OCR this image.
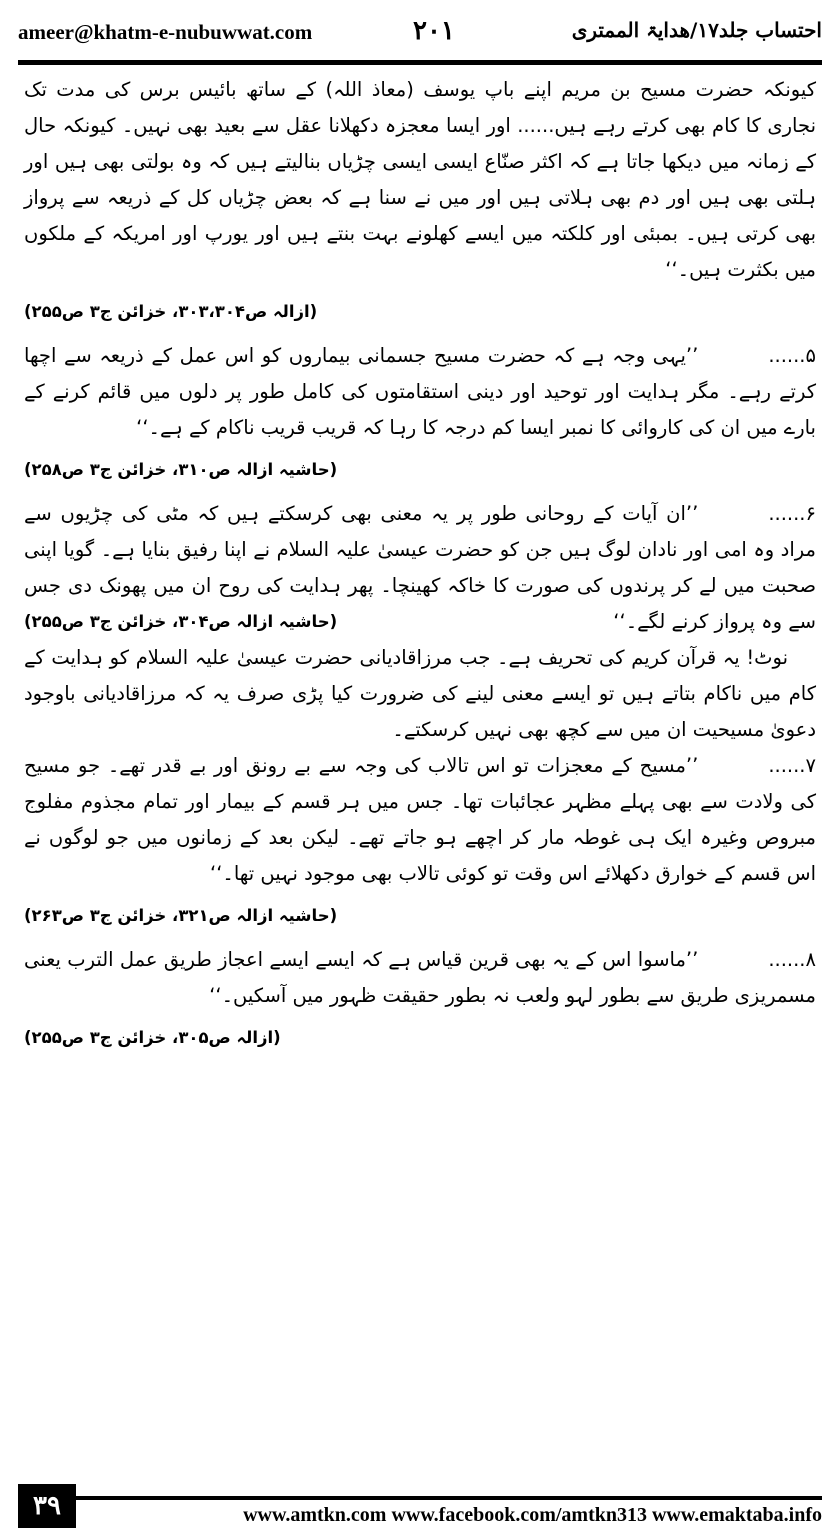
ameer@khatm-e-nubuwwat.com	۲۰۱	احتساب جلد۱۷/ھدایۃ الممتری

کیونکہ حضرت مسیح بن مریم اپنے باپ یوسف (معاذ اللہ) کے ساتھ بائیس برس کی مدت تک نجاری کا کام بھی کرتے رہے ہیں...... اور ایسا معجزہ دکھلانا عقل سے بعید بھی نہیں۔ کیونکہ حال کے زمانہ میں دیکھا جاتا ہے کہ اکثر صنّاع ایسی ایسی چڑیاں بنالیتے ہیں کہ وہ بولتی بھی ہیں اور ہلتی بھی ہیں اور دم بھی ہلاتی ہیں اور میں نے سنا ہے کہ بعض چڑیاں کل کے ذریعہ سے پرواز بھی کرتی ہیں۔ بمبئی اور کلکتہ میں ایسے کھلونے بہت بنتے ہیں اور یورپ اور امریکہ کے ملکوں میں بکثرت ہیں۔‘‘

(ازالہ ص۳۰۳،۳۰۴، خزائن ج۳ ص۲۵۵)

۵......’’یہی وجہ ہے کہ حضرت مسیح جسمانی بیماروں کو اس عمل کے ذریعہ سے اچھا کرتے رہے۔ مگر ہدایت اور توحید اور دینی استقامتوں کی کامل طور پر دلوں میں قائم کرنے کے بارے میں ان کی کاروائی کا نمبر ایسا کم درجہ کا رہا کہ قریب قریب ناکام کے ہے۔‘‘

(حاشیہ ازالہ ص۳۱۰، خزائن ج۳ ص۲۵۸)

۶......’’ان آیات کے روحانی طور پر یہ معنی بھی کرسکتے ہیں کہ مٹی کی چڑیوں سے مراد وہ امی اور نادان لوگ ہیں جن کو حضرت عیسیٰ علیہ السلام نے اپنا رفیق بنایا ہے۔ گویا اپنی صحبت میں لے کر پرندوں کی صورت کا خاکہ کھینچا۔ پھر ہدایت کی روح ان میں پھونک دی جس سے وہ پرواز کرنے لگے۔‘‘
(حاشیہ ازالہ ص۳۰۴، خزائن ج۳ ص۲۵۵)

نوٹ! یہ قرآن کریم کی تحریف ہے۔ جب مرزاقادیانی حضرت عیسیٰ علیہ السلام کو ہدایت کے کام میں ناکام بتاتے ہیں تو ایسے معنی لینے کی ضرورت کیا پڑی صرف یہ کہ مرزاقادیانی باوجود دعویٰ مسیحیت ان میں سے کچھ بھی نہیں کرسکتے۔

۷......’’مسیح کے معجزات تو اس تالاب کی وجہ سے بے رونق اور بے قدر تھے۔ جو مسیح کی ولادت سے بھی پہلے مظہر عجائبات تھا۔ جس میں ہر قسم کے بیمار اور تمام مجذوم مفلوج مبروص وغیرہ ایک ہی غوطہ مار کر اچھے ہو جاتے تھے۔ لیکن بعد کے زمانوں میں جو لوگوں نے اس قسم کے خوارق دکھلائے اس وقت تو کوئی تالاب بھی موجود نہیں تھا۔‘‘

(حاشیہ ازالہ ص۳۲۱، خزائن ج۳ ص۲۶۳)

۸......’’ماسوا اس کے یہ بھی قرین قیاس ہے کہ ایسے ایسے اعجاز طریق عمل الترب یعنی مسمریزی طریق سے بطور لہو ولعب نہ بطور حقیقت ظہور میں آسکیں۔‘‘

(ازالہ ص۳۰۵، خزائن ج۳ ص۲۵۵)

۳۹	www.amtkn.com www.facebook.com/amtkn313 www.emaktaba.info
